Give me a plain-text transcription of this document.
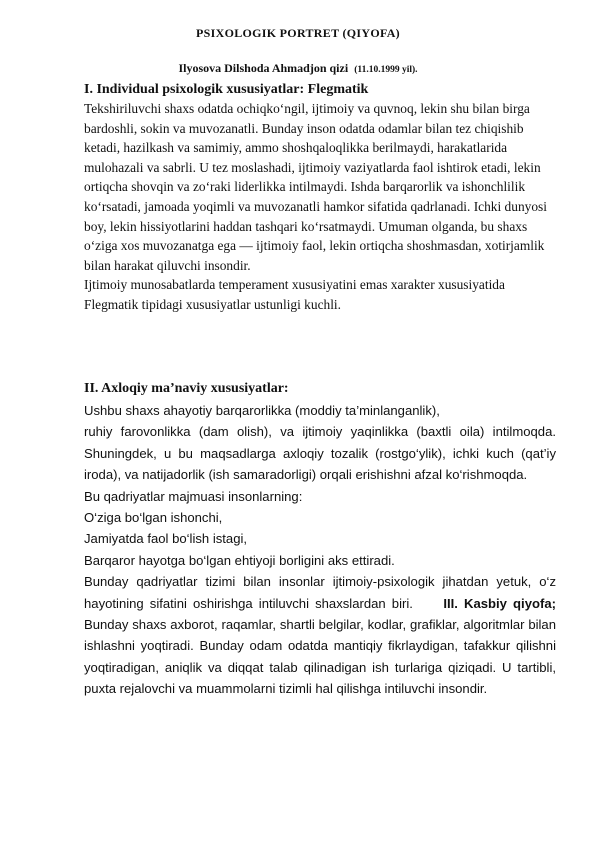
PSIXOLOGIK PORTRET (QIYOFA)
Ilyosova Dilshoda Ahmadjon qizi (11.10.1999 yil).

I. Individual psixologik xususiyatlar: Flegmatik

Tekshiriluvchi shaxs odatda ochiqko‘ngil, ijtimoiy va quvnoq, lekin shu bilan birga bardoshli, sokin va muvozanatli. Bunday inson odatda odamlar bilan tez chiqishib ketadi, hazilkash va samimiy, ammo shoshqaloqlikka berilmaydi, harakatlarida mulohazali va sabrli. U tez moslashadi, ijtimoiy vaziyatlarda faol ishtirok etadi, lekin ortiqcha shovqin va zo‘raki liderlikka intilmaydi. Ishda barqarorlik va ishonchlilik ko‘rsatadi, jamoada yoqimli va muvozanatli hamkor sifatida qadrlanadi. Ichki dunyosi boy, lekin hissiyotlarini haddan tashqari ko‘rsatmaydi. Umuman olganda, bu shaxs o‘ziga xos muvozanatga ega — ijtimoiy faol, lekin ortiqcha shoshmasdan, xotirjamlik bilan harakat qiluvchi insondir.

Ijtimoiy munosabatlarda temperament xususiyatini emas xarakter xususiyatida Flegmatik tipidagi xususiyatlar ustunligi kuchli.

II. Axloqiy ma’naviy xususiyatlar:

Ushbu shaxs ahayotiy barqarorlikka (moddiy ta’minlanganlik),

ruhiy farovonlikka (dam olish), va ijtimoiy yaqinlikka (baxtli oila) intilmoqda. Shuningdek, u bu maqsadlarga axloqiy tozalik (rostgo‘ylik), ichki kuch (qat’iy iroda), va natijadorlik (ish samaradorligi) orqali erishishni afzal ko‘rishmoqda.

Bu qadriyatlar majmuasi insonlarning:

O‘ziga bo‘lgan ishonchi,
Jamiyatda faol bo‘lish istagi,
Barqaror hayotga bo‘lgan ehtiyoji borligini aks ettiradi.

Bunday qadriyatlar tizimi bilan insonlar ijtimoiy-psixologik jihatdan yetuk, o‘z hayotining sifatini oshirishga intiluvchi shaxslardan biri. III. Kasbiy qiyofa; Bunday shaxs axborot, raqamlar, shartli belgilar, kodlar, grafiklar, algoritmlar bilan ishlashni yoqtiradi. Bunday odam odatda mantiqiy fikrlaydigan, tafakkur qilishni yoqtiradigan, aniqlik va diqqat talab qilinadigan ish turlariga qiziqadi. U tartibli, puxta rejalovchi va muammolarni tizimli hal qilishga intiluvchi insondir.
